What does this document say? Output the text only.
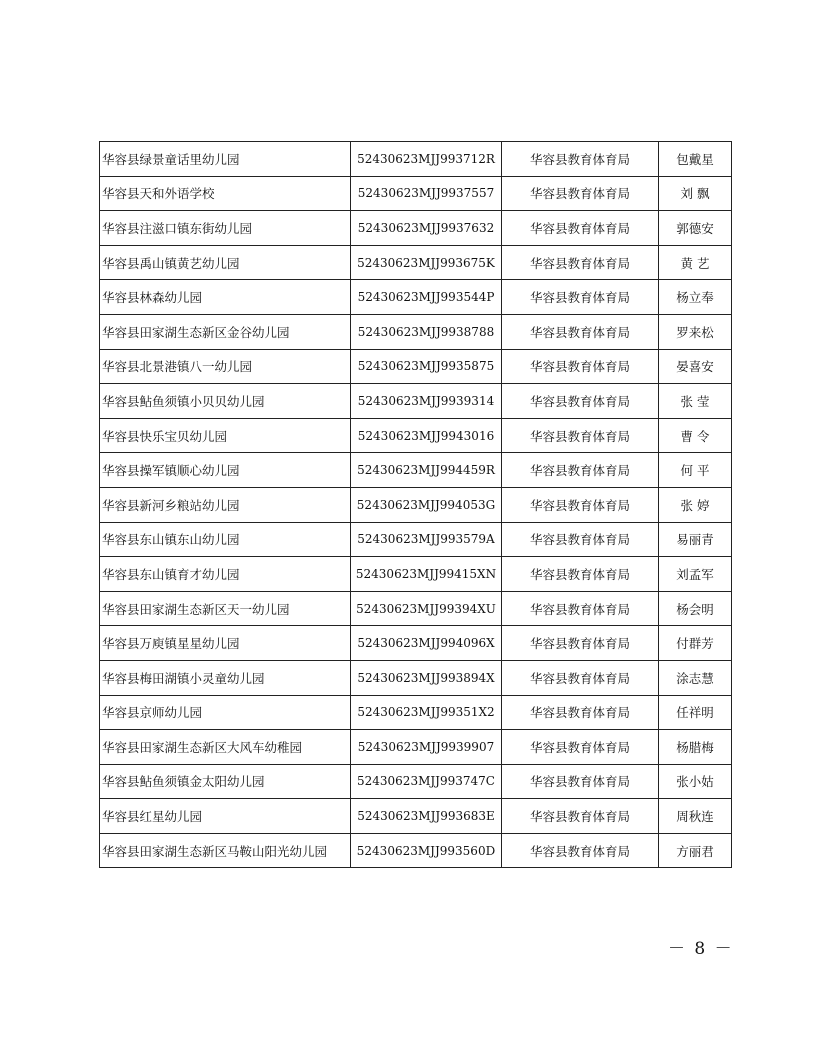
华容县绿景童话里幼儿园	52430623MJJ993712R	华容县教育体育局	包戴星
华容县天和外语学校	52430623MJJ9937557	华容县教育体育局	刘 飘
华容县注滋口镇东街幼儿园	52430623MJJ9937632	华容县教育体育局	郭德安
华容县禹山镇黄艺幼儿园	52430623MJJ993675K	华容县教育体育局	黄 艺
华容县林森幼儿园	52430623MJJ993544P	华容县教育体育局	杨立奉
华容县田家湖生态新区金谷幼儿园	52430623MJJ9938788	华容县教育体育局	罗来松
华容县北景港镇八一幼儿园	52430623MJJ9935875	华容县教育体育局	晏喜安
华容县鲇鱼须镇小贝贝幼儿园	52430623MJJ9939314	华容县教育体育局	张 莹
华容县快乐宝贝幼儿园	52430623MJJ9943016	华容县教育体育局	曹 令
华容县操军镇顺心幼儿园	52430623MJJ994459R	华容县教育体育局	何 平
华容县新河乡粮站幼儿园	52430623MJJ994053G	华容县教育体育局	张 婷
华容县东山镇东山幼儿园	52430623MJJ993579A	华容县教育体育局	易丽青
华容县东山镇育才幼儿园	52430623MJJ99415XN	华容县教育体育局	刘孟军
华容县田家湖生态新区天一幼儿园	52430623MJJ99394XU	华容县教育体育局	杨会明
华容县万庾镇星星幼儿园	52430623MJJ994096X	华容县教育体育局	付群芳
华容县梅田湖镇小灵童幼儿园	52430623MJJ993894X	华容县教育体育局	涂志慧
华容县京师幼儿园	52430623MJJ99351X2	华容县教育体育局	任祥明
华容县田家湖生态新区大风车幼稚园	52430623MJJ9939907	华容县教育体育局	杨腊梅
华容县鲇鱼须镇金太阳幼儿园	52430623MJJ993747C	华容县教育体育局	张小姑
华容县红星幼儿园	52430623MJJ993683E	华容县教育体育局	周秋连
华容县田家湖生态新区马鞍山阳光幼儿园	52430623MJJ993560D	华容县教育体育局	方丽君
－ 8 －
